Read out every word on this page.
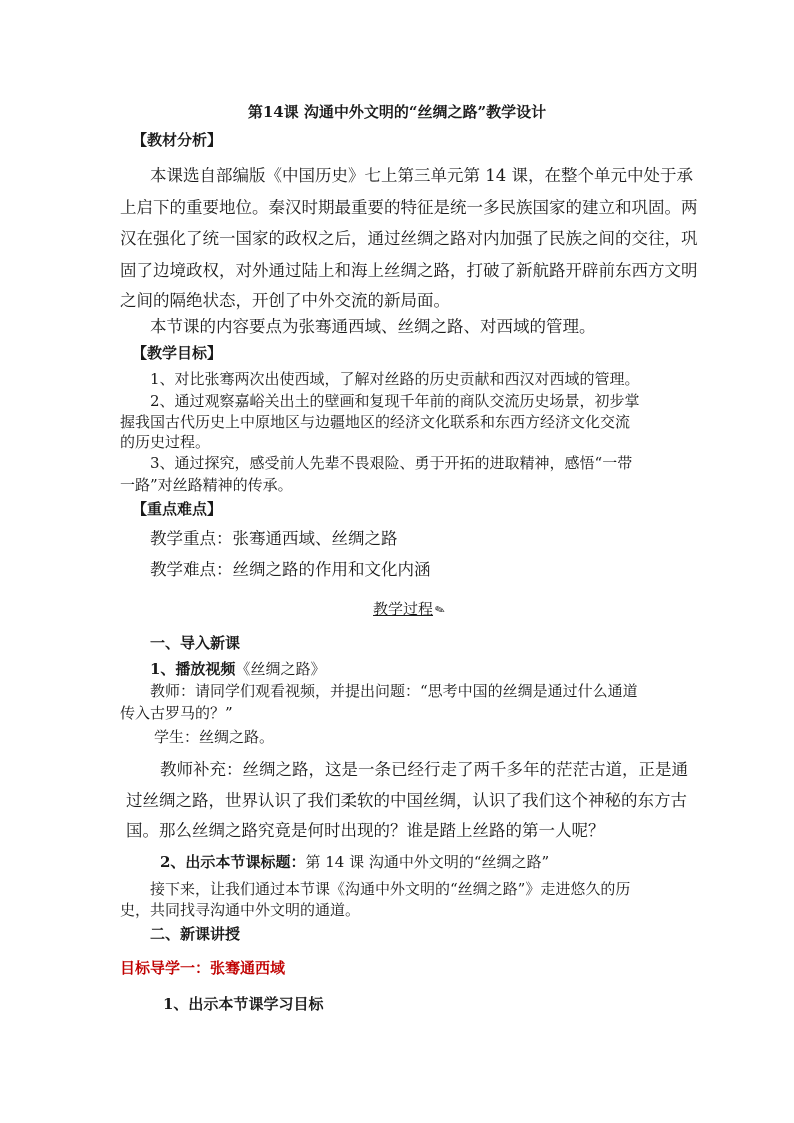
第14课 沟通中外文明的“丝绸之路”教学设计
【教材分析】
本课选自部编版《中国历史》七上第三单元第 14 课，在整个单元中处于承
上启下的重要地位。秦汉时期最重要的特征是统一多民族国家的建立和巩固。两
汉在强化了统一国家的政权之后，通过丝绸之路对内加强了民族之间的交往，巩
固了边境政权，对外通过陆上和海上丝绸之路，打破了新航路开辟前东西方文明
之间的隔绝状态，开创了中外交流的新局面。
本节课的内容要点为张骞通西域、丝绸之路、对西域的管理。
【教学目标】
1、对比张骞两次出使西域，了解对丝路的历史贡献和西汉对西域的管理。
2、通过观察嘉峪关出土的壁画和复现千年前的商队交流历史场景，初步掌
握我国古代历史上中原地区与边疆地区的经济文化联系和东西方经济文化交流
的历史过程。
3、通过探究，感受前人先辈不畏艰险、勇于开拓的进取精神，感悟“一带
一路”对丝路精神的传承。
【重点难点】
教学重点：张骞通西域、丝绸之路
教学难点：丝绸之路的作用和文化内涵
教学过程✎
一、导入新课
1、播放视频《丝绸之路》
教师：请同学们观看视频，并提出问题：“思考中国的丝绸是通过什么通道
传入古罗马的？”
学生：丝绸之路。
教师补充：丝绸之路，这是一条已经行走了两千多年的茫茫古道，正是通
过丝绸之路，世界认识了我们柔软的中国丝绸，认识了我们这个神秘的东方古
国。那么丝绸之路究竟是何时出现的？谁是踏上丝路的第一人呢？
2、出示本节课标题：第 14 课 沟通中外文明的“丝绸之路”
接下来，让我们通过本节课《沟通中外文明的“丝绸之路”》走进悠久的历
史，共同找寻沟通中外文明的通道。
二、新课讲授
目标导学一：张骞通西域
1、出示本节课学习目标
